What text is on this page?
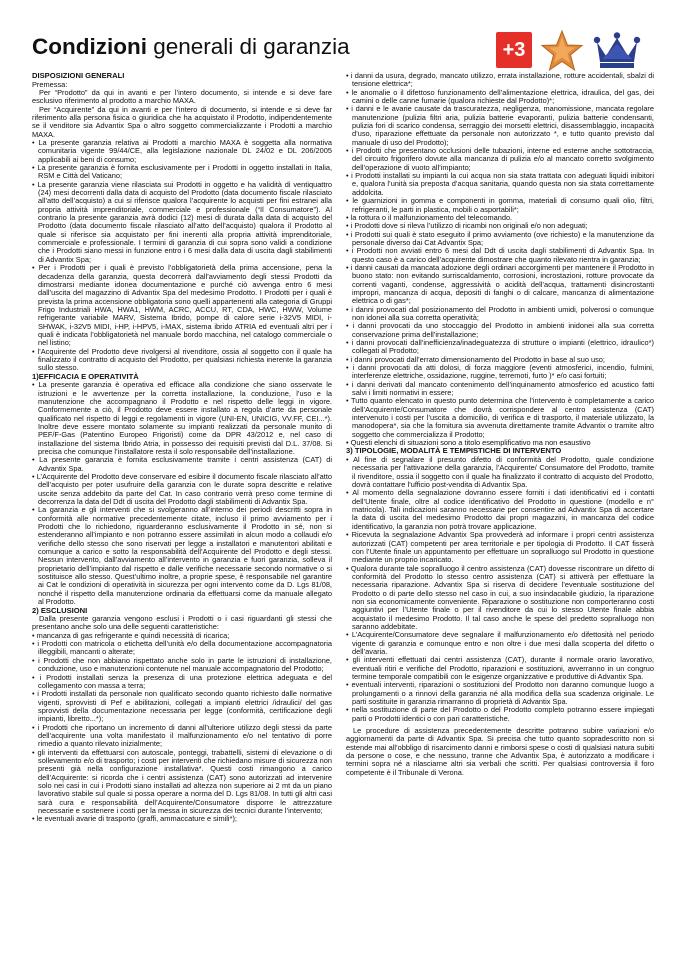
Condizioni generali di garanzia	+3
DISPOSIZIONI GENERALI

Premessa:

Per “Prodotto” da qui in avanti e per l’intero documento, si intende e si deve fare esclusivo riferimento al prodotto a marchio MAXA.

Per “Acquirente” da qui in avanti e per l’intero di documento, si intende e si deve far riferimento alla persona fisica o giuridica che ha acquistato il Prodotto, indipendentemente se il venditore sia Advantix Spa o altro soggetto commercializzante i Prodotti a marchio MAXA.

• La presente garanzia relativa ai Prodotti a marchio MAXA è soggetta alla normativa comunitaria vigente 99/44/CE, alla legislazione nazionale DL 24/02 e DL 206/2005 applicabili ai beni di consumo;

• La presente garanzia è fornita esclusivamente per i Prodotti in oggetto installati in Italia, RSM e Città del Vaticano;

• La presente garanzia viene rilasciata sui Prodotti in oggetto e ha validità di ventiquattro (24) mesi decorrenti dalla data di acquisto del Prodotto (data documento fiscale rilasciato all’atto dell’acquisto) a cui si riferisce qualora l’acquirente lo acquisti per fini estranei alla propria attività imprenditoriale, commerciale e professionale (“Il Consumatore”). Al contrario la presente garanzia avrà dodici (12) mesi di durata dalla data di acquisto del Prodotto (data documento fiscale rilasciato all’atto dell’acquisto) qualora il Prodotto al quale si riferisce sia acquistato per fini inerenti alla propria attività imprenditoriale, commerciale e professionale. I termini di garanzia di cui sopra sono validi a condizione che i Prodotti siano messi in funzione entro i 6 mesi dalla data di uscita dagli stabilimenti di Advantix Spa;

• Per i Prodotti per i quali è previsto l’obbligatorietà della prima accensione, pena la decadenza della garanzia, questa decorrerà dall’avviamento degli stessi Prodotti da dimostrarsi mediante idonea documentazione e purché ciò avvenga entro 6 mesi dall’uscita del magazzino di Advantix Spa del medesimo Prodotto. I Prodotti per i quali è prevista la prima accensione obbligatoria sono quelli appartenenti alla categoria di Gruppi Frigo Industriali HWA, HWA1, HWM, ACRC, ACCU, RT, CDA, HWC, HWW, Volume refrigerante variabile MARV, Sistema Ibrido, pompe di calore serie i-32V5 MIDI, i-SHWAK, i-32V5 MIDI, i-HP, i-HPV5, i-MAX, sistema ibrido ATRIA ed eventuali altri per i quali è indicata l’obbligatorietà nel manuale bordo macchina, nel catalogo commerciale o nel listino;

• l’Acquirente del Prodotto deve rivolgersi al rivenditore, ossia al soggetto con il quale ha finalizzato il contratto di acquisto del Prodotto, per qualsiasi richiesta inerente la garanzia sullo stesso.

1)EFFICACIA E OPERATIVITÀ

• La presente garanzia è operativa ed efficace alla condizione che siano osservate le istruzioni e le avvertenze per la corretta installazione, la conduzione, l’uso e la manutenzione che accompagnano il Prodotto e nel rispetto delle leggi in vigore. Conformemente a ciò, il Prodotto deve essere installato a regola d’arte da personale qualificato nel rispetto di leggi e regolamenti in vigore (UNI-EN, UNICIG, VV.FF, CEI...*). Inoltre deve essere montato solamente su impianti realizzati da personale munito di PEF/F-Gas (Patentino Europeo Frigoristi) come da DPR 43/2012 e, nel caso di installazione del sistema Ibrido Atria, in possesso dei requisiti previsti dal D.L. 37/08. Si precisa che comunque l’installatore resta il solo responsabile dell’installazione.

• La presente garanzia è fornita esclusivamente tramite i centri assistenza (CAT) di Advantix Spa.

• L’Acquirente del Prodotto deve conservare ed esibire il documento fiscale rilasciato all’atto dell’acquisto per poter usufruire della garanzia con le durate sopra descritte e relative uscite senza addebito da parte del Cat. In caso contrario verrà preso come termine di decorrenza la data del Ddt di uscita del Prodotto dagli stabilimenti di Advantix Spa.

• La garanzia e gli interventi che si svolgeranno all’interno dei periodi descritti sopra in conformità alle normative precedentemente citate, incluso il primo avviamento per i Prodotti che lo richiedono, riguarderanno esclusivamente il Prodotto in sé, non si estenderanno all’impianto e non potranno essere assimilati in alcun modo a collaudi e/o verifiche dello stesso che sono riservati per legge a installatori e manutentori abilitati e comunque a carico e sotto la responsabilità dell’Acquirente del Prodotto e degli stessi. Nessun intervento, dall’avviamento all’intervento in garanzia e fuori garanzia, solleva il proprietario dell’impianto dal rispetto e dalle verifiche necessarie secondo normative o si sostituisce allo stesso. Quest’ultimo inoltre, a proprie spese, è responsabile nel garantire ai Cat le condizioni di operatività in sicurezza per ogni intervento come da D. Lgs 81/08, nonché il rispetto della manutenzione ordinaria da effettuarsi come da manuale allegato al Prodotto.

2) ESCLUSIONI

Dalla presente garanzia vengono esclusi i Prodotti o i casi riguardanti gli stessi che presentano anche solo una delle seguenti caratteristiche:

• mancanza di gas refrigerante e quindi necessità di ricarica;

• i Prodotti con matricola o etichetta dell’unità e/o della documentazione accompagnatoria illeggibili, mancanti o alterate;

• i Prodotti che non abbiano rispettato anche solo in parte le istruzioni di installazione, conduzione, uso e manutenzioni contenute nel manuale accompagnatorio del Prodotto;

• i Prodotti installati senza la presenza di una protezione elettrica adeguata e del collegamento con massa a terra;

• i Prodotti installati da personale non qualificato secondo quanto richiesto dalle normative vigenti, sprovvisti di Pef e abilitazioni, collegati a impianti elettrici /idraulici/ del gas sprovvisti della documentazione necessaria per legge (conformità, certificazione degli impianti, libretto...*);

• i Prodotti che riportano un incremento di danni all’ulteriore utilizzo degli stessi da parte dell’acquirente una volta manifestato il malfunzionamento e/o nel tentativo di porre rimedio a quanto rilevato inizialmente;

• gli interventi da effettuarsi con autoscale, ponteggi, trabattelli, sistemi di elevazione o di sollevamento e/o di trasporto; i costi per interventi che richiedano misure di sicurezza non presenti già nella configurazione installativa*. Questi costi rimangono a carico dell’Acquirente: si ricorda che i centri assistenza (CAT) sono autorizzati ad intervenire solo nei casi in cui i Prodotti siano installati ad altezza non superiore ai 2 mt da un piano lavorativo stabile sul quale si possa operare a norma del D. Lgs 81/08. In tutti gli altri casi sarà cura e responsabilità dell’Acquirente/Consumatore disporre le attrezzature necessarie e sostenere i costi per la messa in sicurezza dei tecnici durante l’intervento;

• le eventuali avarie di trasporto (graffi, ammaccature e simili*);

• i danni da usura, degrado, mancato utilizzo, errata installazione, rotture accidentali, sbalzi di tensione elettrica*;

• le anomalie o il difettoso funzionamento dell’alimentazione elettrica, idraulica, del gas, dei camini o delle canne fumarie (qualora richieste dal Prodotto)*;

• i danni e le avarie causate da trascuratezza, negligenza, manomissione, mancata regolare manutenzione (pulizia filtri aria, pulizia batterie evaporanti, pulizia batterie condensanti, pulizia fori di scarico condensa, serraggio dei morsetti elettrici, disassemblaggio, incapacità d’uso, riparazione effettuate da personale non autorizzato *, e tutto quanto previsto dal manuale di uso del Prodotto);

• i Prodotti che presentano occlusioni delle tubazioni, interne ed esterne anche sottotraccia, del circuito frigorifero dovute alla mancanza di pulizia e/o al mancato corretto svolgimento dell’operazione di vuoto all’impianto;

• i Prodotti installati su impianti la cui acqua non sia stata trattata con adeguati liquidi inibitori e, qualora l’unità sia preposta d’acqua sanitaria, quando questa non sia stata correttamente addolcita.

• le guarnizioni in gomma e componenti in gomma, materiali di consumo quali olio, filtri, refrigeranti, le parti in plastica, mobili o asportabili*;

• la rottura o il malfunzionamento del telecomando.

• i Prodotti dove si rileva l’utilizzo di ricambi non originali e/o non adeguati;

• i Prodotti sui quali è stato eseguito il primo avviamento (ove richiesto) e la manutenzione da personale diverso dai Cat Advantix Spa;

• i Prodotti non avviati entro 6 mesi dal Ddt di uscita dagli stabilimenti di Advantix Spa. In questo caso è a carico dell’acquirente dimostrare che quanto rilevato rientra in garanzia;

• i danni causati da mancata adozione degli ordinari accorgimenti per mantenere il Prodotto in buono stato: non evitando surriscaldamento, corrosioni, incrostazioni, rotture provocate da correnti vaganti, condense, aggressività o acidità dell’acqua, trattamenti disincrostanti impropri, mancanza di acqua, depositi di fanghi o di calcare, mancanza di alimentazione elettrica o di gas*;

• i danni provocati dal posizionamento del Prodotto in ambienti umidi, polverosi o comunque non idonei alla sua corretta operatività;

• i danni provocati da uno stoccaggio del Prodotto in ambienti inidonei alla sua corretta conservazione prima dell’installazione;

• i danni provocati dall’inefficienza/inadeguatezza di strutture o impianti (elettrico, idraulico*) collegati al Prodotto;

• i danni provocati dall’errato dimensionamento del Prodotto in base al suo uso;

• i danni provocati da atti dolosi, di forza maggiore (eventi atmosferici, incendio, fulmini, interferenze elettriche, ossidazione, ruggine, terremoti, furto )* e/o casi fortuiti;

• i danni derivati dal mancato contenimento dell’inquinamento atmosferico ed acustico fatti salvi i limiti normativi in essere;

• Tutto quanto elencato in questo punto determina che l’intervento è completamente a carico dell’Acquirente/Consumatore che dovrà corrispondere al centro assistenza (CAT) intervenuto i costi per l’uscita a domicilio, di verifica e di trasporto, il materiale utilizzato, la manodopera*, sia che la fornitura sia avvenuta direttamente tramite Advantix o tramite altro soggetto che commercializza il Prodotto;

• Questi elenchi di situazioni sono a titolo esemplificativo ma non esaustivo

3) TIPOLOGIE, MODALITÀ E TEMPISTICHE DI INTERVENTO

• Al fine di segnalare il presunto difetto di conformità del Prodotto, quale condizione necessaria per l’attivazione della garanzia, l’Acquirente/ Consumatore del Prodotto, tramite il rivenditore, ossia il soggetto con il quale ha finalizzato il contratto di acquisto del Prodotto, dovrà contattare l’ufficio post-vendita di Advantix Spa.

• Al momento della segnalazione dovranno essere forniti i dati identificativi ed i contatti dell’Utente finale, oltre al codice identificativo del Prodotto in questione (modello e n° matricola). Tali indicazioni saranno necessarie per consentire ad Advantix Spa di accertare la data di uscita del medesimo Prodotto dai propri magazzini, in mancanza del codice identificativo, la garanzia non potrà trovare applicazione.

• Ricevuta la segnalazione Advantix Spa provvederà ad informare i propri centri assistenza autorizzati (CAT) competenti per area territoriale e per tipologia di Prodotto. Il CAT fisserà con l’Utente finale un appuntamento per effettuare un sopralluogo sul Prodotto in questione mediante un proprio incaricato.

• Qualora durante tale sopralluogo il centro assistenza (CAT) dovesse riscontrare un difetto di conformità del Prodotto lo stesso centro assistenza (CAT) si attiverà per effettuare la necessaria riparazione. Advantix Spa si riserva di decidere l’eventuale sostituzione del Prodotto o di parte dello stesso nel caso in cui, a suo insindacabile giudizio, la riparazione non sia economicamente conveniente. Riparazione o sostituzione non comporteranno costi aggiuntivi per l’Utente finale o per il rivenditore da cui lo stesso Utente finale abbia acquistato il medesimo Prodotto. Il tal caso anche le spese del predetto sopralluogo non saranno addebitate.

• L’Acquirente/Consumatore deve segnalare il malfunzionamento e/o difettosità nel periodo vigente di garanzia e comunque entro e non oltre i due mesi dalla scoperta del difetto o dell’avaria.

• gli interventi effettuati dai centri assistenza (CAT), durante il normale orario lavorativo, eventuali ritiri e verifiche del Prodotto, riparazioni e sostituzioni, avverranno in un congruo termine temporale compatibili con le esigenze organizzative e produttive di Advantix Spa.

• eventuali interventi, riparazioni o sostituzioni del Prodotto non daranno comunque luogo a prolungamenti o a rinnovi della garanzia né alla modifica della sua scadenza originale. Le parti sostituite in garanzia rimarranno di proprietà di Advantix Spa.

• nella sostituzione di parte del Prodotto o del Prodotto completo potranno essere impiegati parti o Prodotti identici o con pari caratteristiche.

Le procedure di assistenza precedentemente descritte potranno subire variazioni e/o aggiornamenti da parte di Advantix Spa. Si precisa che tutto quanto sopradescritto non si estende mai all’obbligo di risarcimento danni e rimborsi spese o costi di qualsiasi natura subiti da persone o cose, e che nessuno, tranne che Advantix Spa, è autorizzato a modificare i termini sopra né a rilasciarne altri sia verbali che scritti. Per qualsiasi controversia il foro competente è il Tribunale di Verona.
